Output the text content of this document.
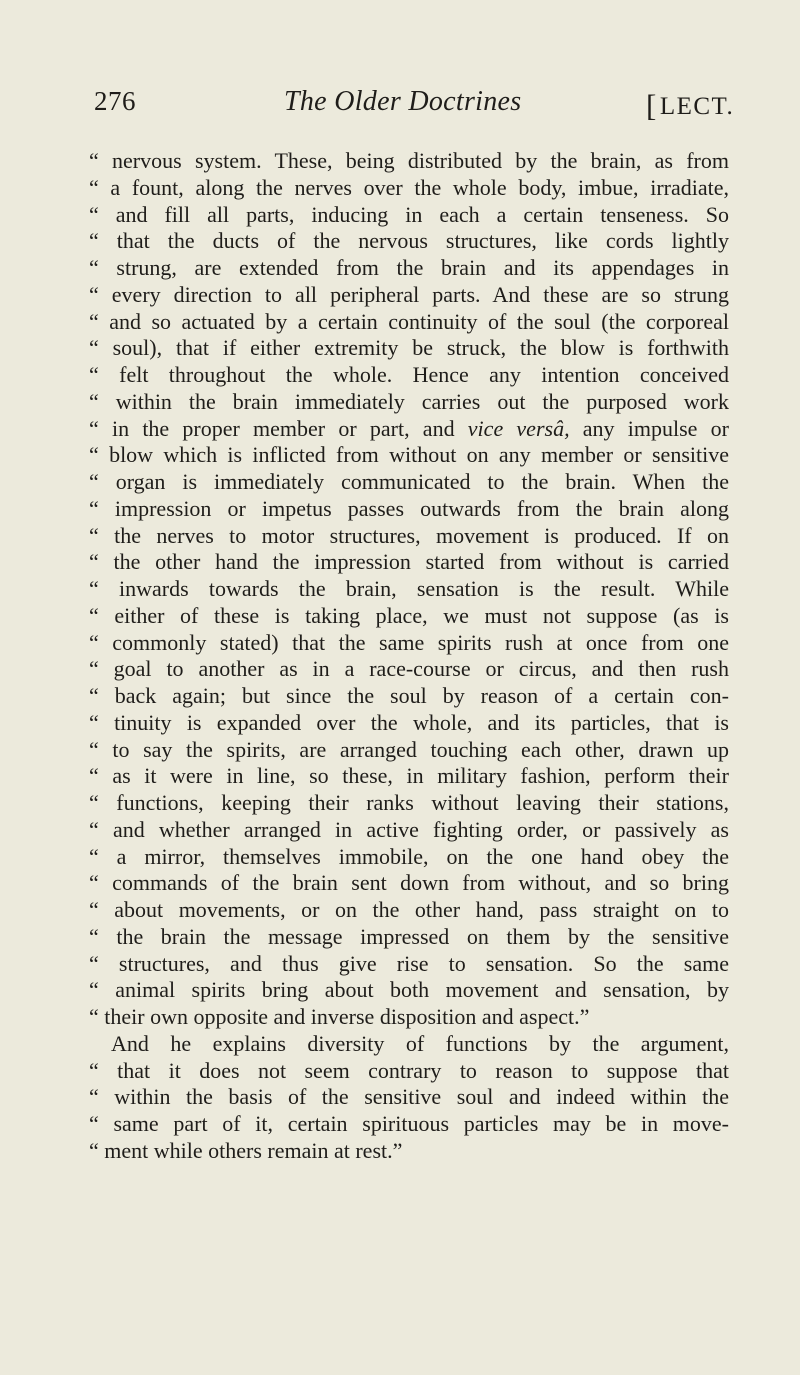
276	The Older Doctrines	[LECT.
“ nervous system. These, being distributed by the brain, as from
“ a fount, along the nerves over the whole body, imbue, irradiate,
“ and fill all parts, inducing in each a certain tenseness. So
“ that the ducts of the nervous structures, like cords lightly
“ strung, are extended from the brain and its appendages in
“ every direction to all peripheral parts. And these are so strung
“ and so actuated by a certain continuity of the soul (the corporeal
“ soul), that if either extremity be struck, the blow is forthwith
“ felt throughout the whole. Hence any intention conceived
“ within the brain immediately carries out the purposed work
“ in the proper member or part, and vice versâ, any impulse or
“ blow which is inflicted from without on any member or sensitive
“ organ is immediately communicated to the brain. When the
“ impression or impetus passes outwards from the brain along
“ the nerves to motor structures, movement is produced. If on
“ the other hand the impression started from without is carried
“ inwards towards the brain, sensation is the result. While
“ either of these is taking place, we must not suppose (as is
“ commonly stated) that the same spirits rush at once from one
“ goal to another as in a race-course or circus, and then rush
“ back again; but since the soul by reason of a certain con-
“ tinuity is expanded over the whole, and its particles, that is
“ to say the spirits, are arranged touching each other, drawn up
“ as it were in line, so these, in military fashion, perform their
“ functions, keeping their ranks without leaving their stations,
“ and whether arranged in active fighting order, or passively as
“ a mirror, themselves immobile, on the one hand obey the
“ commands of the brain sent down from without, and so bring
“ about movements, or on the other hand, pass straight on to
“ the brain the message impressed on them by the sensitive
“ structures, and thus give rise to sensation. So the same
“ animal spirits bring about both movement and sensation, by
“ their own opposite and inverse disposition and aspect.”
And he explains diversity of functions by the argument,
“ that it does not seem contrary to reason to suppose that
“ within the basis of the sensitive soul and indeed within the
“ same part of it, certain spirituous particles may be in move-
“ ment while others remain at rest.”
